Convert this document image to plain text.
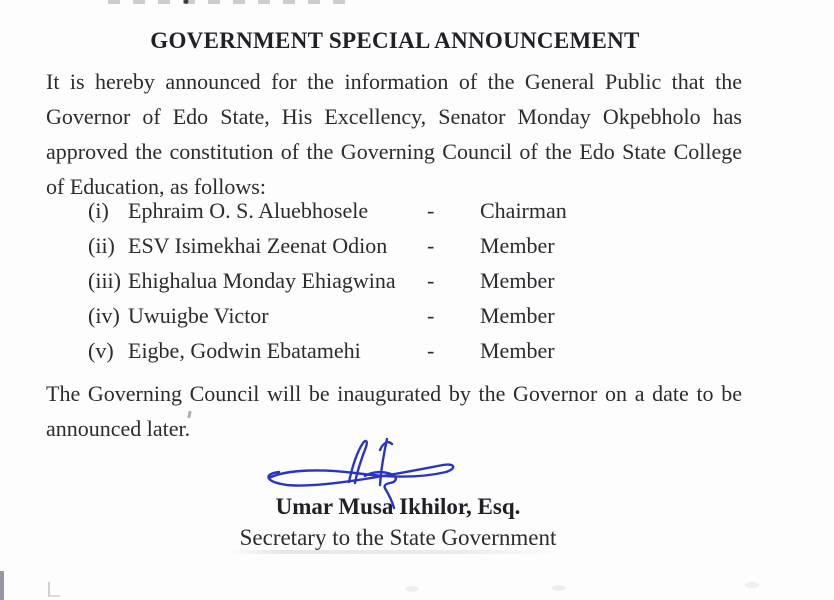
GOVERNMENT SPECIAL ANNOUNCEMENT
It is hereby announced for the information of the General Public that the
Governor of Edo State, His Excellency, Senator Monday Okpebholo has
approved the constitution of the Governing Council of the Edo State College
of Education, as follows:
(i) Ephraim O. S. Aluebhosele	-	Chairman
(ii) ESV Isimekhai Zeenat Odion	-	Member
(iii) Ehighalua Monday Ehiagwina	-	Member
(iv) Uwuigbe Victor	-	Member
(v) Eigbe, Godwin Ebatamehi	-	Member
The Governing Council will be inaugurated by the Governor on a date to be
announced later.
Umar Musa Ikhilor, Esq.
Secretary to the State Government
